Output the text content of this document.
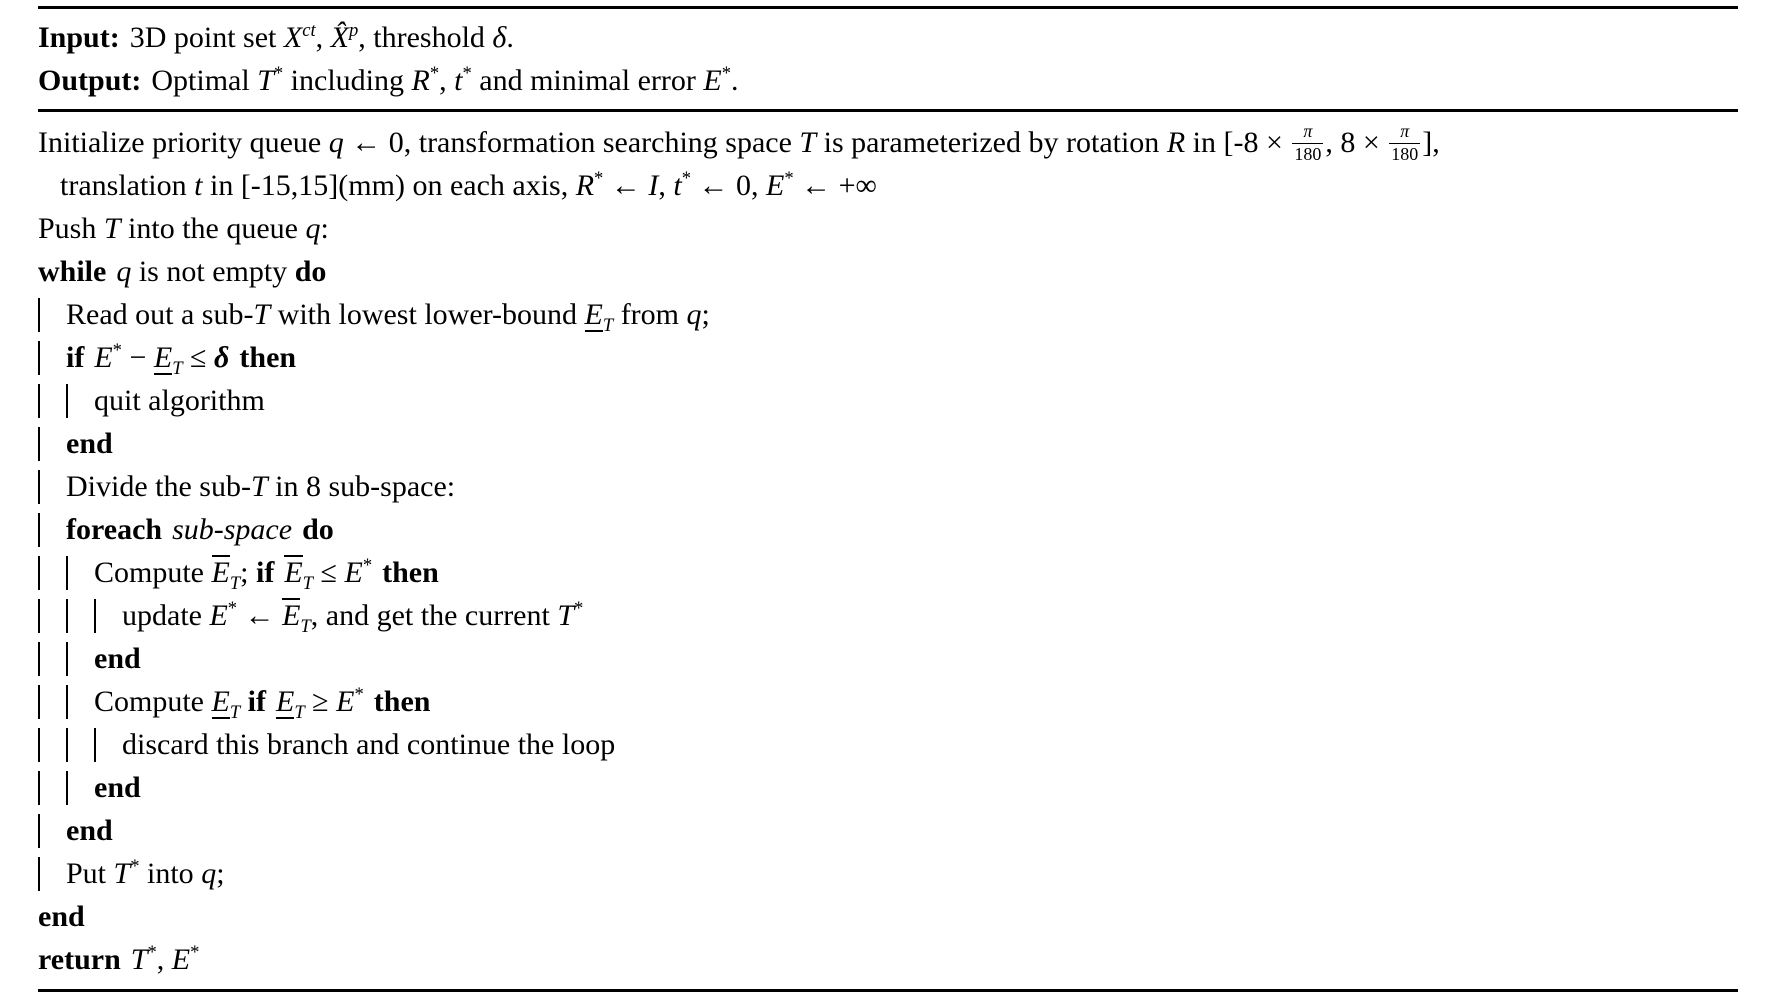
Input: 3D point set $X^{ct}$, X̂$^p$, threshold δ.
Output: Optimal T* including R*, t* and minimal error E*.
Initialize priority queue q ← 0, transformation searching space T is parameterized by rotation R in [$-8 \times \frac{\pi}{180}$ , $8 \times \frac{\pi}{180}$ ],
translation t in [-15,15](mm) on each axis, R* ← I, t* ← 0, E* ← +∞
Push T into the queue q:
while q is not empty do
Read out a sub-T with lowest lower-bound $E_T$ from q;
if $E^* - E_T \le \delta$ then
quit algorithm
end
Divide the sub-T in 8 sub-space:
foreach sub-space do
Compute $E_T$; if $E_T \le E^*$ then
update E* ← $E_T$, and get the current T*
end
Compute $E_T$ if $E_T \ge E^*$ then
discard this branch and continue the loop
end
end
Put T* into q;
end
return T*, E*
